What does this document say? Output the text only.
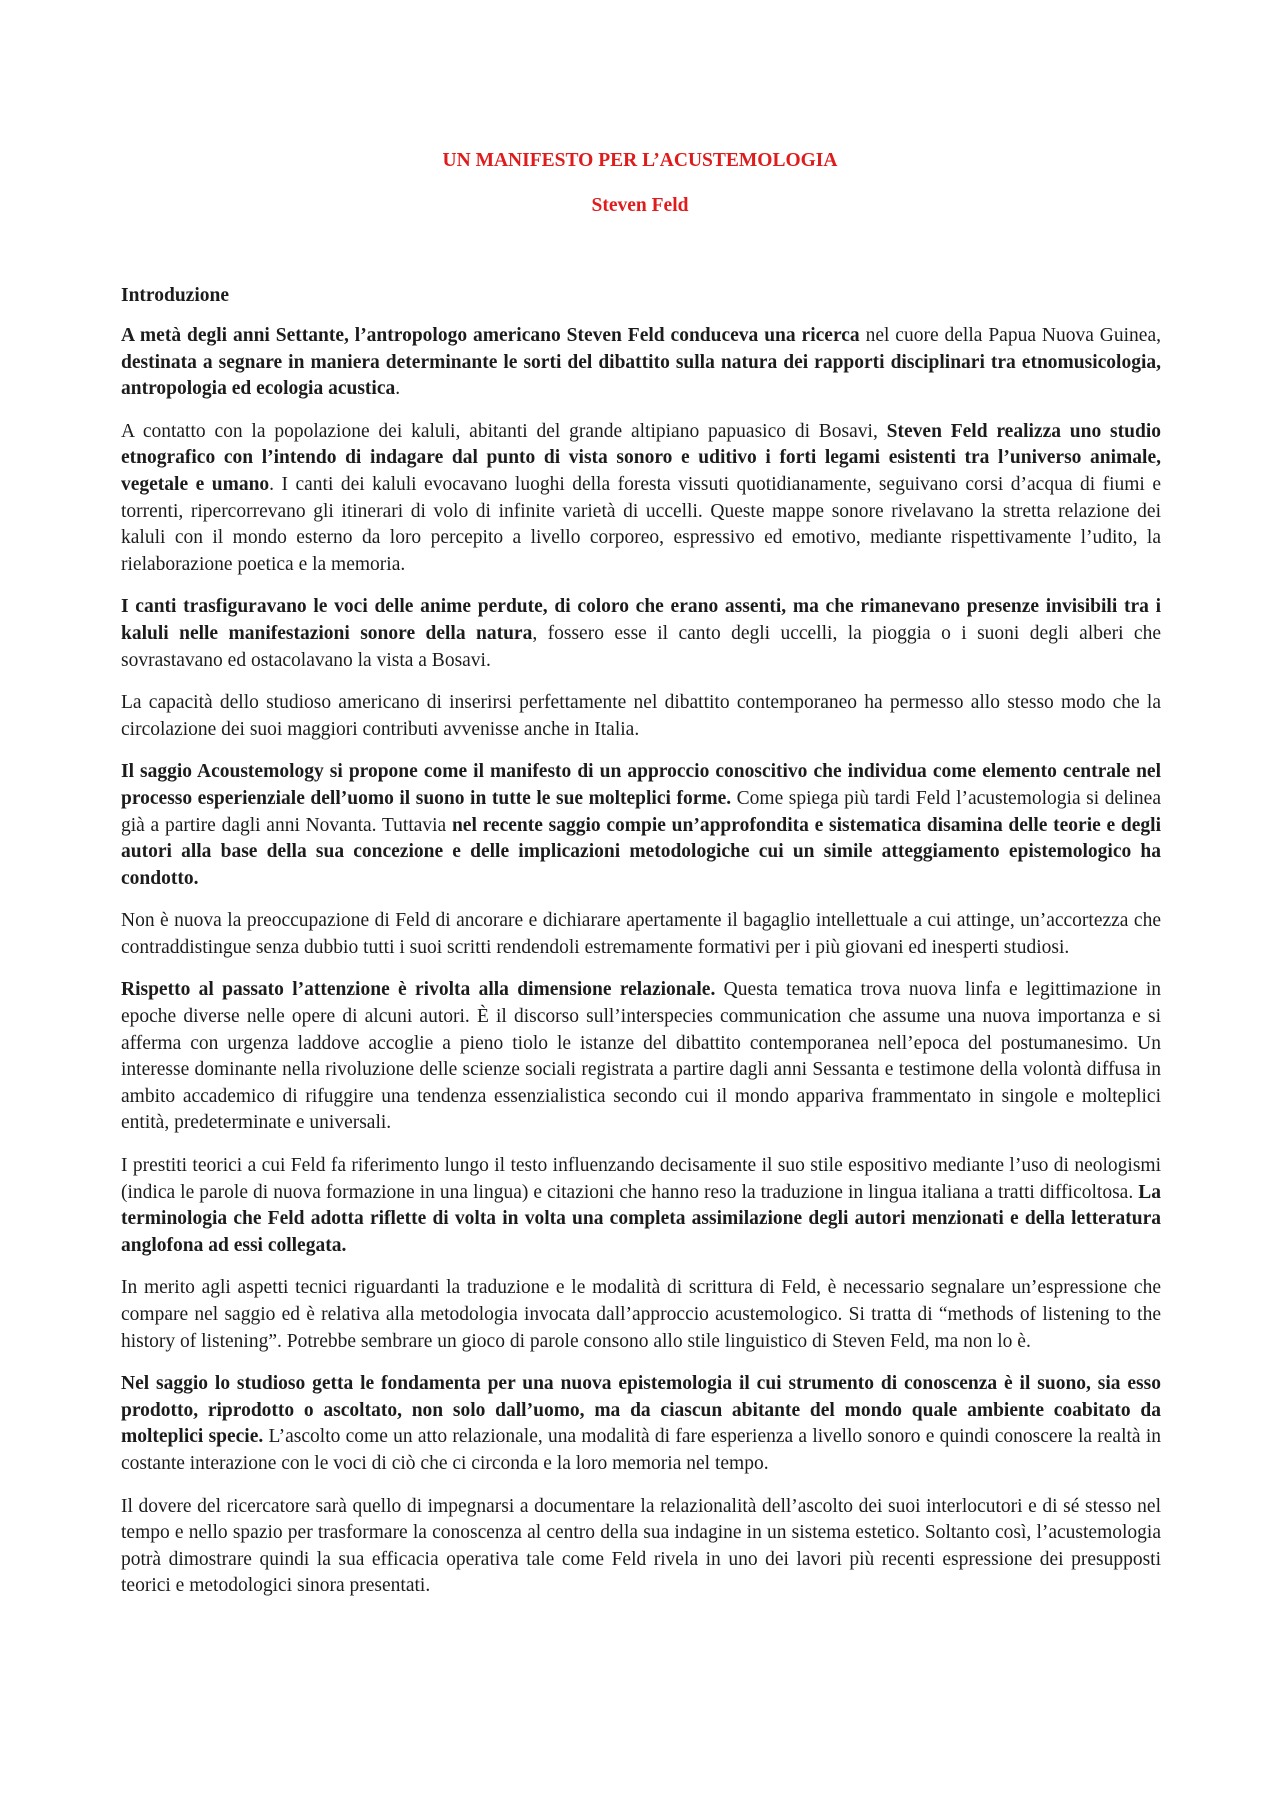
UN MANIFESTO PER L’ACUSTEMOLOGIA
Steven Feld
Introduzione

A metà degli anni Settante, l’antropologo americano Steven Feld conduceva una ricerca nel cuore della Papua Nuova Guinea, destinata a segnare in maniera determinante le sorti del dibattito sulla natura dei rapporti disciplinari tra etnomusicologia, antropologia ed ecologia acustica.

A contatto con la popolazione dei kaluli, abitanti del grande altipiano papuasico di Bosavi, Steven Feld realizza uno studio etnografico con l’intendo di indagare dal punto di vista sonoro e uditivo i forti legami esistenti tra l’universo animale, vegetale e umano. I canti dei kaluli evocavano luoghi della foresta vissuti quotidianamente, seguivano corsi d’acqua di fiumi e torrenti, ripercorrevano gli itinerari di volo di infinite varietà di uccelli. Queste mappe sonore rivelavano la stretta relazione dei kaluli con il mondo esterno da loro percepito a livello corporeo, espressivo ed emotivo, mediante rispettivamente l’udito, la rielaborazione poetica e la memoria.

I canti trasfiguravano le voci delle anime perdute, di coloro che erano assenti, ma che rimanevano presenze invisibili tra i kaluli nelle manifestazioni sonore della natura, fossero esse il canto degli uccelli, la pioggia o i suoni degli alberi che sovrastavano ed ostacolavano la vista a Bosavi.

La capacità dello studioso americano di inserirsi perfettamente nel dibattito contemporaneo ha permesso allo stesso modo che la circolazione dei suoi maggiori contributi avvenisse anche in Italia.

Il saggio Acoustemology si propone come il manifesto di un approccio conoscitivo che individua come elemento centrale nel processo esperienziale dell’uomo il suono in tutte le sue molteplici forme. Come spiega più tardi Feld l’acustemologia si delinea già a partire dagli anni Novanta. Tuttavia nel recente saggio compie un’approfondita e sistematica disamina delle teorie e degli autori alla base della sua concezione e delle implicazioni metodologiche cui un simile atteggiamento epistemologico ha condotto.

Non è nuova la preoccupazione di Feld di ancorare e dichiarare apertamente il bagaglio intellettuale a cui attinge, un’accortezza che contraddistingue senza dubbio tutti i suoi scritti rendendoli estremamente formativi per i più giovani ed inesperti studiosi.

Rispetto al passato l’attenzione è rivolta alla dimensione relazionale. Questa tematica trova nuova linfa e legittimazione in epoche diverse nelle opere di alcuni autori. È il discorso sull’interspecies communication che assume una nuova importanza e si afferma con urgenza laddove accoglie a pieno tiolo le istanze del dibattito contemporanea nell’epoca del postumanesimo. Un interesse dominante nella rivoluzione delle scienze sociali registrata a partire dagli anni Sessanta e testimone della volontà diffusa in ambito accademico di rifuggire una tendenza essenzialistica secondo cui il mondo appariva frammentato in singole e molteplici entità, predeterminate e universali.

I prestiti teorici a cui Feld fa riferimento lungo il testo influenzando decisamente il suo stile espositivo mediante l’uso di neologismi (indica le parole di nuova formazione in una lingua) e citazioni che hanno reso la traduzione in lingua italiana a tratti difficoltosa. La terminologia che Feld adotta riflette di volta in volta una completa assimilazione degli autori menzionati e della letteratura anglofona ad essi collegata.

In merito agli aspetti tecnici riguardanti la traduzione e le modalità di scrittura di Feld, è necessario segnalare un’espressione che compare nel saggio ed è relativa alla metodologia invocata dall’approccio acustemologico. Si tratta di “methods of listening to the history of listening”. Potrebbe sembrare un gioco di parole consono allo stile linguistico di Steven Feld, ma non lo è.

Nel saggio lo studioso getta le fondamenta per una nuova epistemologia il cui strumento di conoscenza è il suono, sia esso prodotto, riprodotto o ascoltato, non solo dall’uomo, ma da ciascun abitante del mondo quale ambiente coabitato da molteplici specie. L’ascolto come un atto relazionale, una modalità di fare esperienza a livello sonoro e quindi conoscere la realtà in costante interazione con le voci di ciò che ci circonda e la loro memoria nel tempo.

Il dovere del ricercatore sarà quello di impegnarsi a documentare la relazionalità dell’ascolto dei suoi interlocutori e di sé stesso nel tempo e nello spazio per trasformare la conoscenza al centro della sua indagine in un sistema estetico. Soltanto così, l’acustemologia potrà dimostrare quindi la sua efficacia operativa tale come Feld rivela in uno dei lavori più recenti espressione dei presupposti teorici e metodologici sinora presentati.
